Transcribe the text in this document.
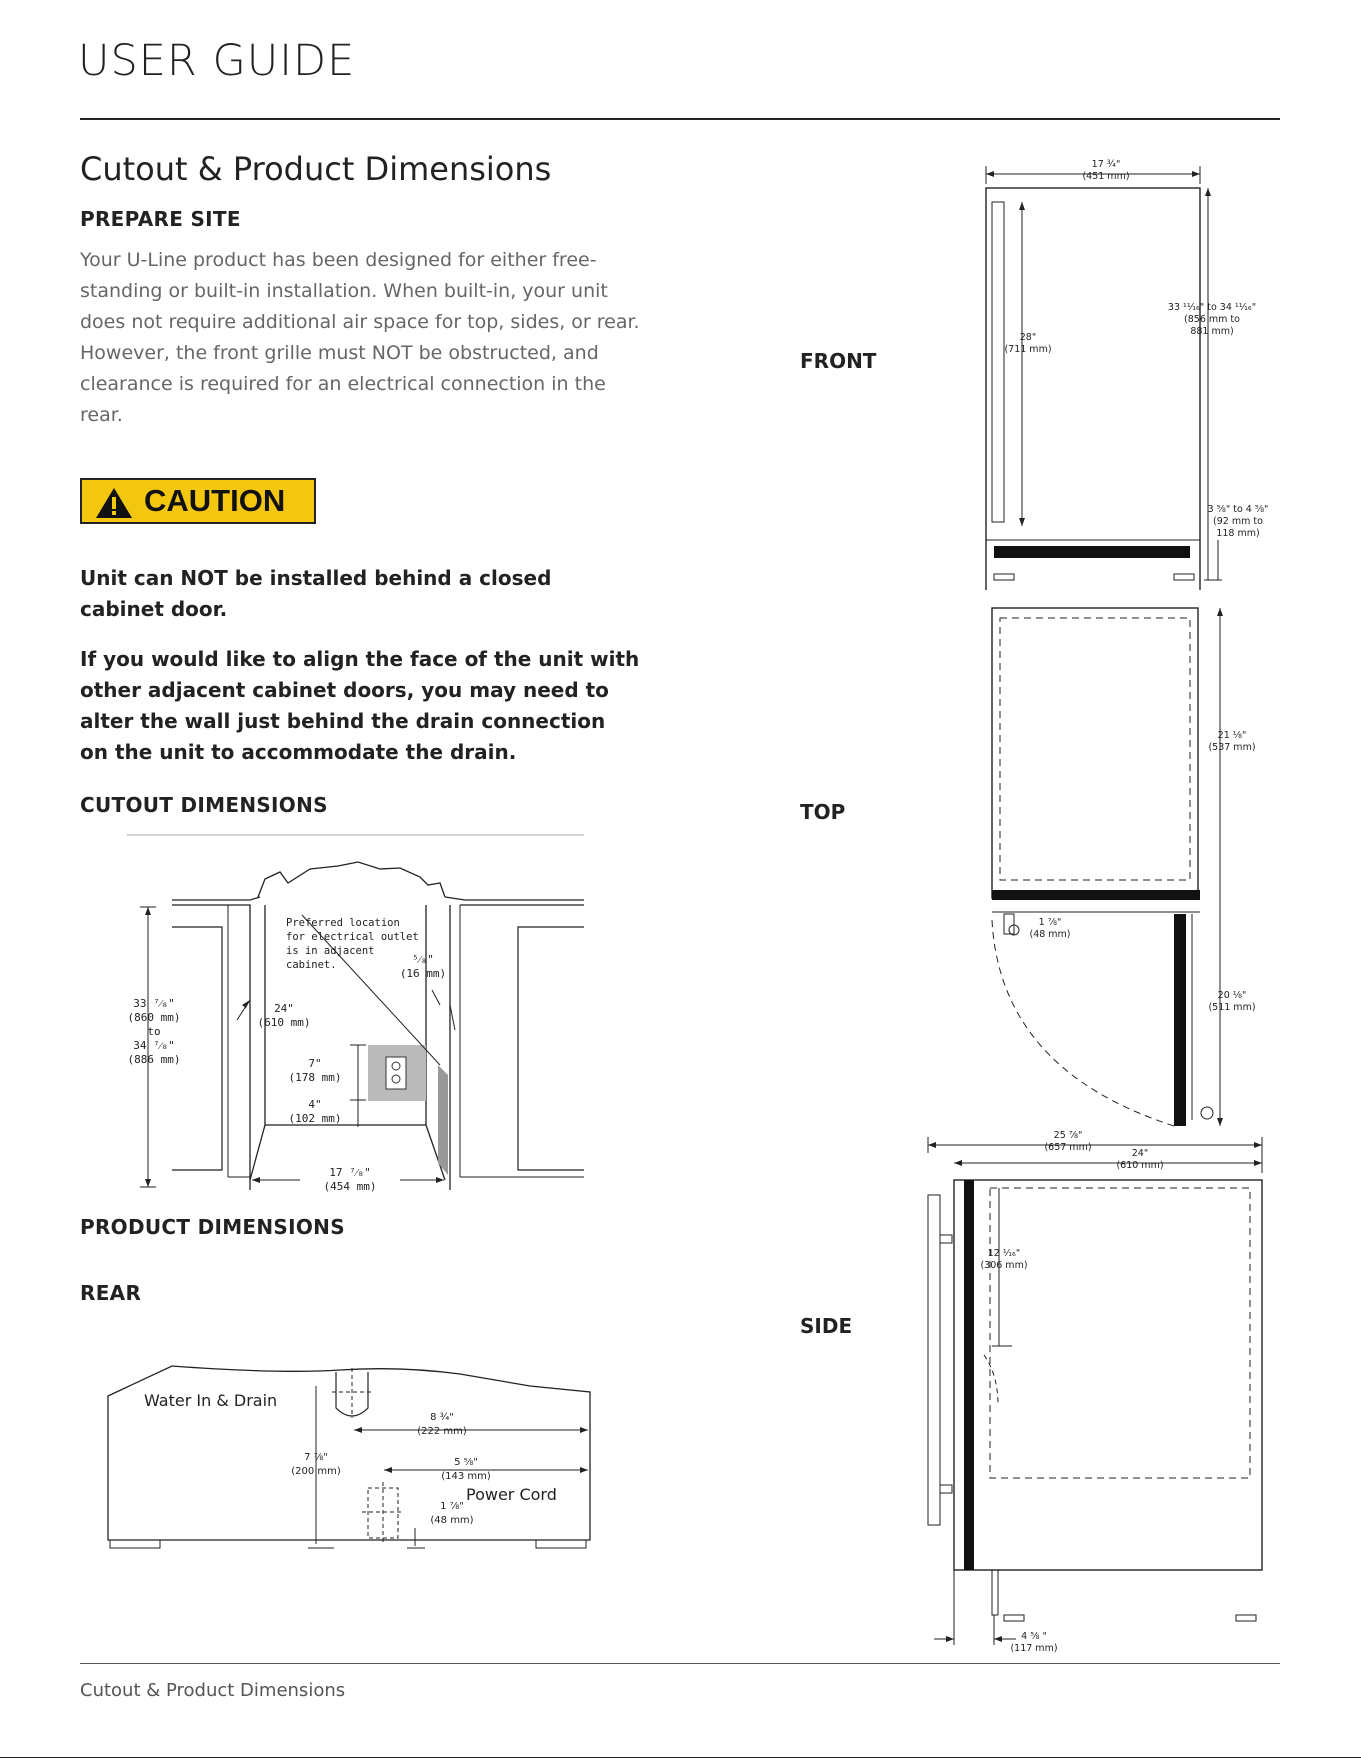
USER GUIDE
Cutout & Product Dimensions
PREPARE SITE
Your U-Line product has been designed for either free-standing or built-in installation. When built-in, your unit does not require additional air space for top, sides, or rear. However, the front grille must NOT be obstructed, and clearance is required for an electrical connection in the rear.
CAUTION
Unit can NOT be installed behind a closed cabinet door.
If you would like to align the face of the unit with other adjacent cabinet doors, you may need to alter the wall just behind the drain connection on the unit to accommodate the drain.
CUTOUT DIMENSIONS
Preferred location
for electrical outlet
is in adjacent
cabinet.
33 ⁷⁄₈"
(860 mm)
to
34 ⁷⁄₈"
(886 mm)
24"
(610 mm)
7"
(178 mm)
4"
(102 mm)
17 ⁷⁄₈"
(454 mm)
⁵⁄₈"
(16 mm)
PRODUCT DIMENSIONS
REAR
Water In & Drain
Power Cord
8 ¾"
(222 mm)
7 ⅞"
(200 mm)
5 ⅝"
(143 mm)
1 ⅞"
(48 mm)
FRONT
TOP
SIDE
17 ¾"
(451 mm)
33 ¹¹⁄₁₆" to 34 ¹¹⁄₁₆"
(856 mm to
881 mm)
28"
(711 mm)
3 ⅝" to 4 ⅝"
(92 mm to
118 mm)
21 ⅛"
(537 mm)
20 ⅛"
(511 mm)
1 ⅞"
(48 mm)
25 ⅞"
(657 mm)
24"
(610 mm)
12 ¹⁄₁₆"
(306 mm)
4 ⅝ "
(117 mm)
Cutout & Product Dimensions
